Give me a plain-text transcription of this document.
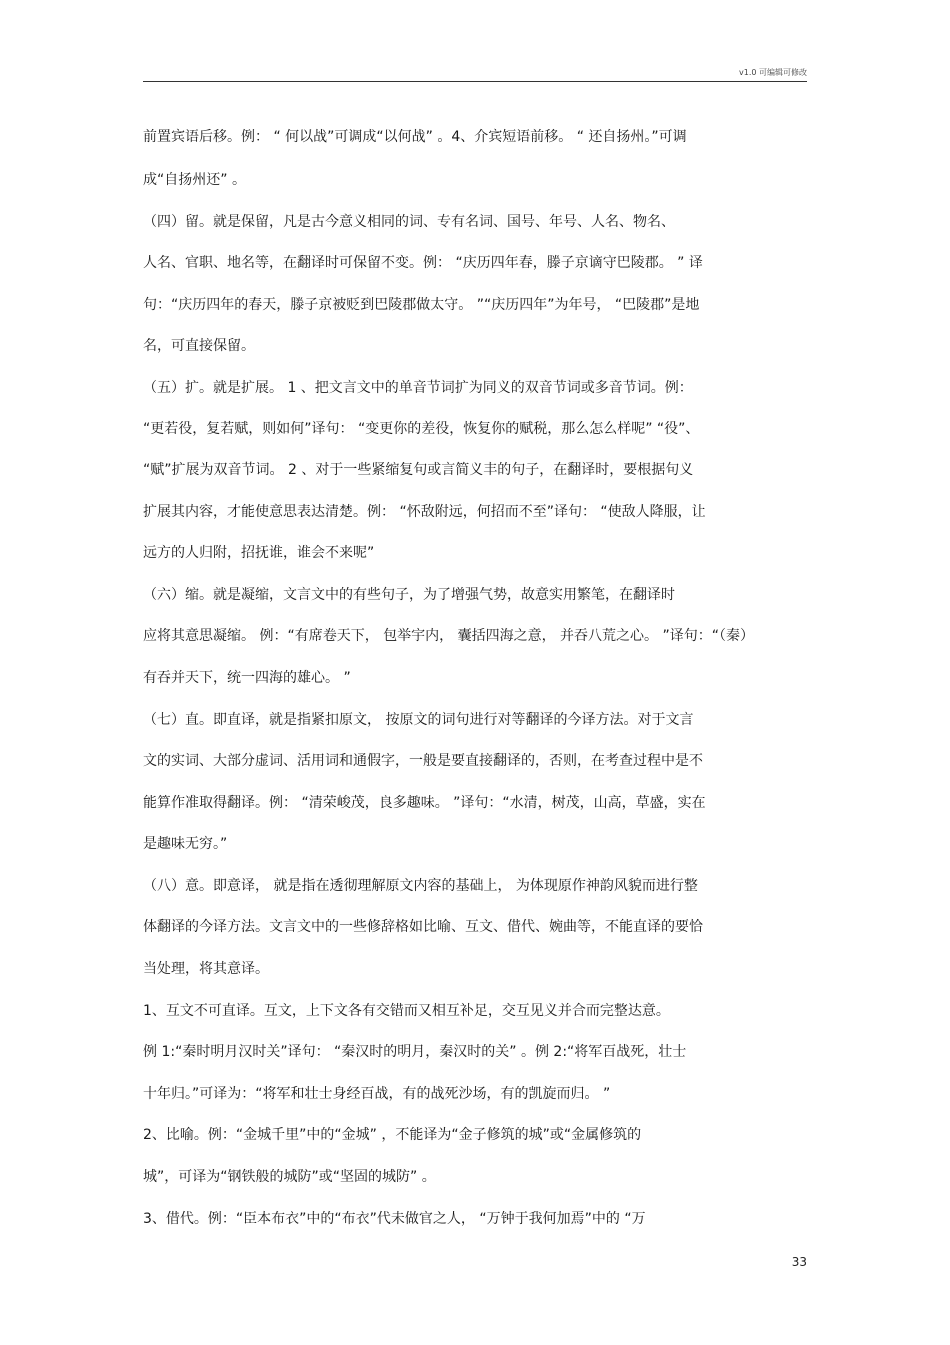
v1.0 可编辑可修改
前置宾语后移。例： “ 何以战”可调成“以何战” 。4、介宾短语前移。 “ 还自扬州。”可调
成“自扬州还” 。
（四）留。就是保留，凡是古今意义相同的词、专有名词、国号、年号、人名、物名、
人名、官职、地名等，在翻译时可保留不变。例： “庆历四年春，滕子京谪守巴陵郡。 ” 译
句：“庆历四年的春天，滕子京被贬到巴陵郡做太守。 ”“庆历四年”为年号， “巴陵郡”是地
名，可直接保留。
（五）扩。就是扩展。 1 、把文言文中的单音节词扩为同义的双音节词或多音节词。例：
“更若役，复若赋，则如何”译句： “变更你的差役，恢复你的赋税，那么怎么样呢” “役”、
“赋”扩展为双音节词。 2 、对于一些紧缩复句或言简义丰的句子，在翻译时，要根据句义
扩展其内容，才能使意思表达清楚。例： “怀敌附远，何招而不至”译句： “使敌人降服，让
远方的人归附，招抚谁，谁会不来呢”
（六）缩。就是凝缩，文言文中的有些句子，为了增强气势，故意实用繁笔，在翻译时
应将其意思凝缩。 例：“有席卷天下， 包举宇内， 囊括四海之意， 并吞八荒之心。 ”译句：“（秦）
有吞并天下，统一四海的雄心。 ”
（七）直。即直译，就是指紧扣原文， 按原文的词句进行对等翻译的今译方法。对于文言
文的实词、大部分虚词、活用词和通假字，一般是要直接翻译的，否则，在考查过程中是不
能算作准取得翻译。例： “清荣峻茂，良多趣味。 ”译句：“水清，树茂，山高，草盛，实在
是趣味无穷。”
（八）意。即意译， 就是指在透彻理解原文内容的基础上， 为体现原作神韵风貌而进行整
体翻译的今译方法。文言文中的一些修辞格如比喻、互文、借代、婉曲等，不能直译的要恰
当处理，将其意译。
1、互文不可直译。互文，上下文各有交错而又相互补足，交互见义并合而完整达意。
例 1:“秦时明月汉时关”译句： “秦汉时的明月，秦汉时的关” 。例 2:“将军百战死，壮士
十年归。”可译为：“将军和壮士身经百战，有的战死沙场，有的凯旋而归。 ”
2、比喻。例：“金城千里”中的“金城” ，不能译为“金子修筑的城”或“金属修筑的
城”，可译为“钢铁般的城防”或“坚固的城防” 。
3、借代。例：“臣本布衣”中的“布衣”代未做官之人， “万钟于我何加焉”中的 “万
33
